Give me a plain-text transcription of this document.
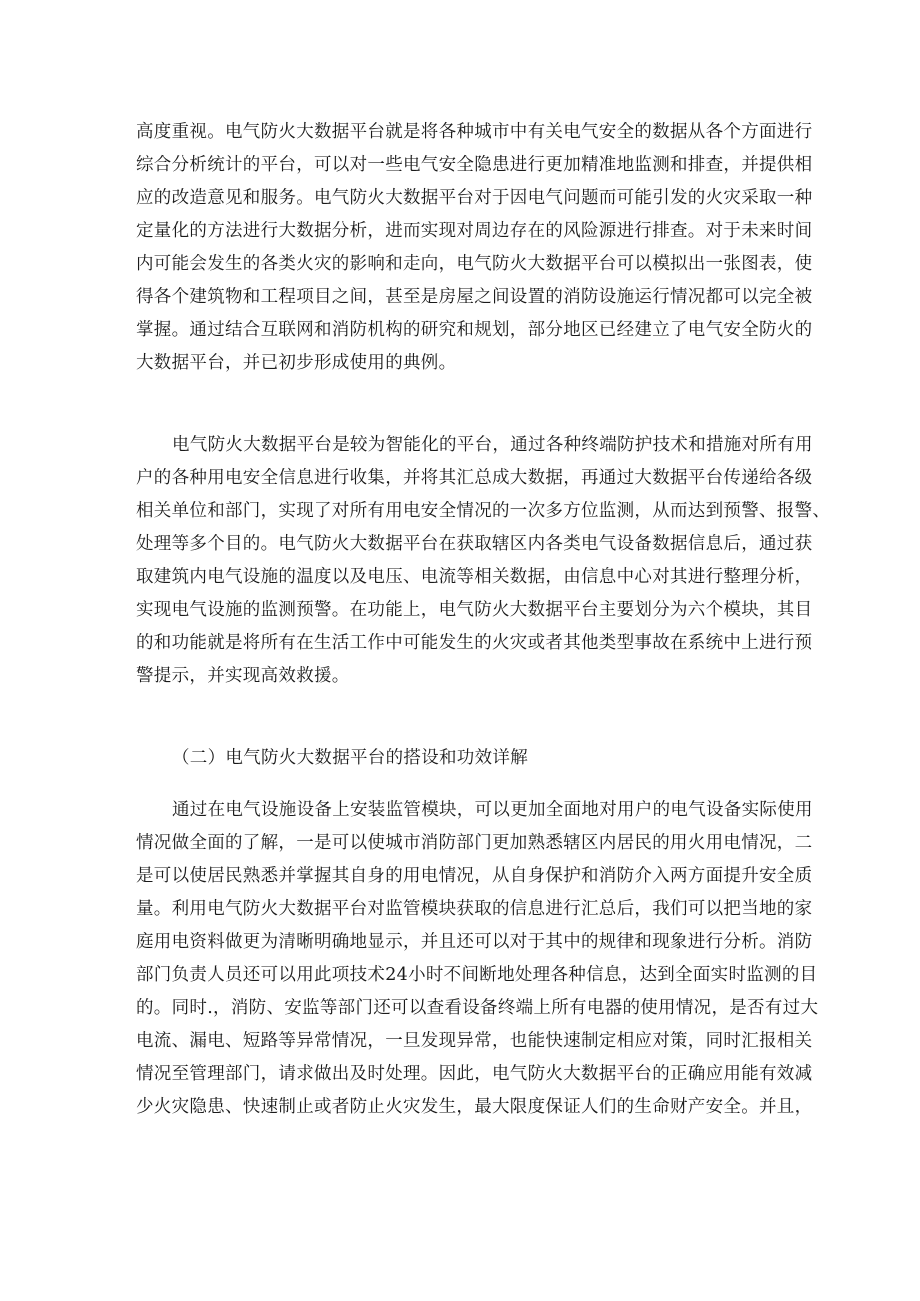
高度重视。电气防火大数据平台就是将各种城市中有关电气安全的数据从各个方面进行
综合分析统计的平台，可以对一些电气安全隐患进行更加精准地监测和排查，并提供相
应的改造意见和服务。电气防火大数据平台对于因电气问题而可能引发的火灾采取一种
定量化的方法进行大数据分析，进而实现对周边存在的风险源进行排查。对于未来时间
内可能会发生的各类火灾的影响和走向，电气防火大数据平台可以模拟出一张图表，使
得各个建筑物和工程项目之间，甚至是房屋之间设置的消防设施运行情况都可以完全被
掌握。通过结合互联网和消防机构的研究和规划，部分地区已经建立了电气安全防火的
大数据平台，并已初步形成使用的典例。
电气防火大数据平台是较为智能化的平台，通过各种终端防护技术和措施对所有用
户的各种用电安全信息进行收集，并将其汇总成大数据，再通过大数据平台传递给各级
相关单位和部门，实现了对所有用电安全情况的一次多方位监测，从而达到预警、报警、
处理等多个目的。电气防火大数据平台在获取辖区内各类电气设备数据信息后，通过获
取建筑内电气设施的温度以及电压、电流等相关数据，由信息中心对其进行整理分析，
实现电气设施的监测预警。在功能上，电气防火大数据平台主要划分为六个模块，其目
的和功能就是将所有在生活工作中可能发生的火灾或者其他类型事故在系统中上进行预
警提示，并实现高效救援。
（二）电气防火大数据平台的搭设和功效详解
通过在电气设施设备上安装监管模块，可以更加全面地对用户的电气设备实际使用
情况做全面的了解，一是可以使城市消防部门更加熟悉辖区内居民的用火用电情况，二
是可以使居民熟悉并掌握其自身的用电情况，从自身保护和消防介入两方面提升安全质
量。利用电气防火大数据平台对监管模块获取的信息进行汇总后，我们可以把当地的家
庭用电资料做更为清晰明确地显示，并且还可以对于其中的规律和现象进行分析。消防
部门负责人员还可以用此项技术24小时不间断地处理各种信息，达到全面实时监测的目
的。同时.，消防、安监等部门还可以查看设备终端上所有电器的使用情况，是否有过大
电流、漏电、短路等异常情况，一旦发现异常，也能快速制定相应对策，同时汇报相关
情况至管理部门，请求做出及时处理。因此，电气防火大数据平台的正确应用能有效减
少火灾隐患、快速制止或者防止火灾发生，最大限度保证人们的生命财产安全。并且，
